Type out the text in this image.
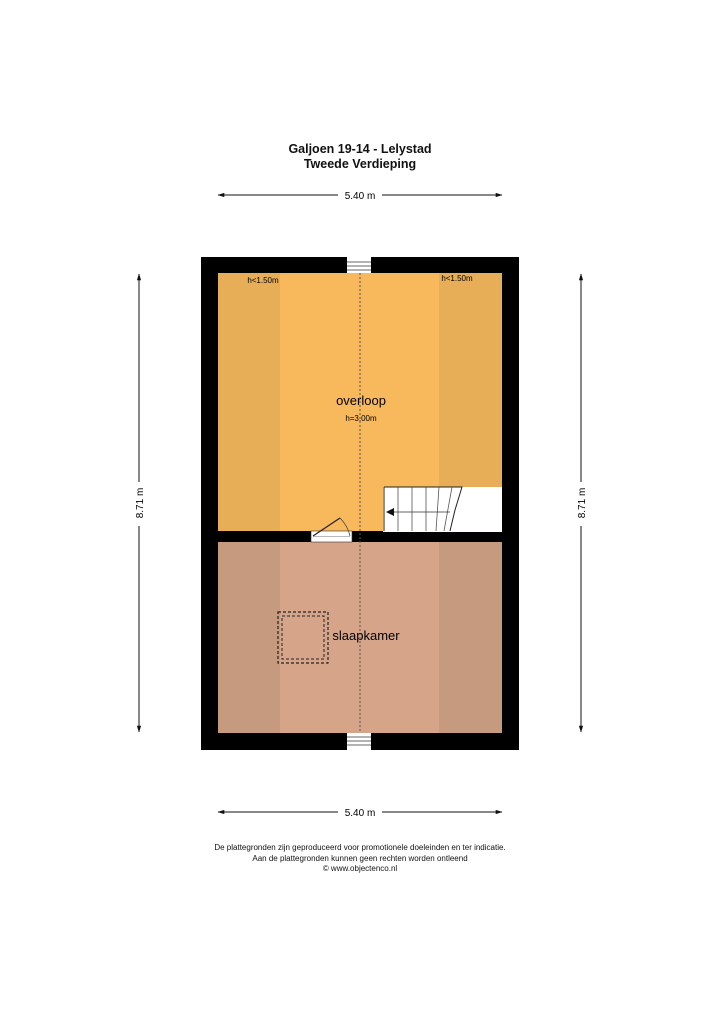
Galjoen 19-14 - Lelystad
Tweede Verdieping
5.40 m
5.40 m
8.71 m	8.71 m
overloop
h=3.00m
h<1.50m	h<1.50m
slaapkamer
De plattegronden zijn geproduceerd voor promotionele doeleinden en ter indicatie.
Aan de plattegronden kunnen geen rechten worden ontleend
© www.objectenco.nl
